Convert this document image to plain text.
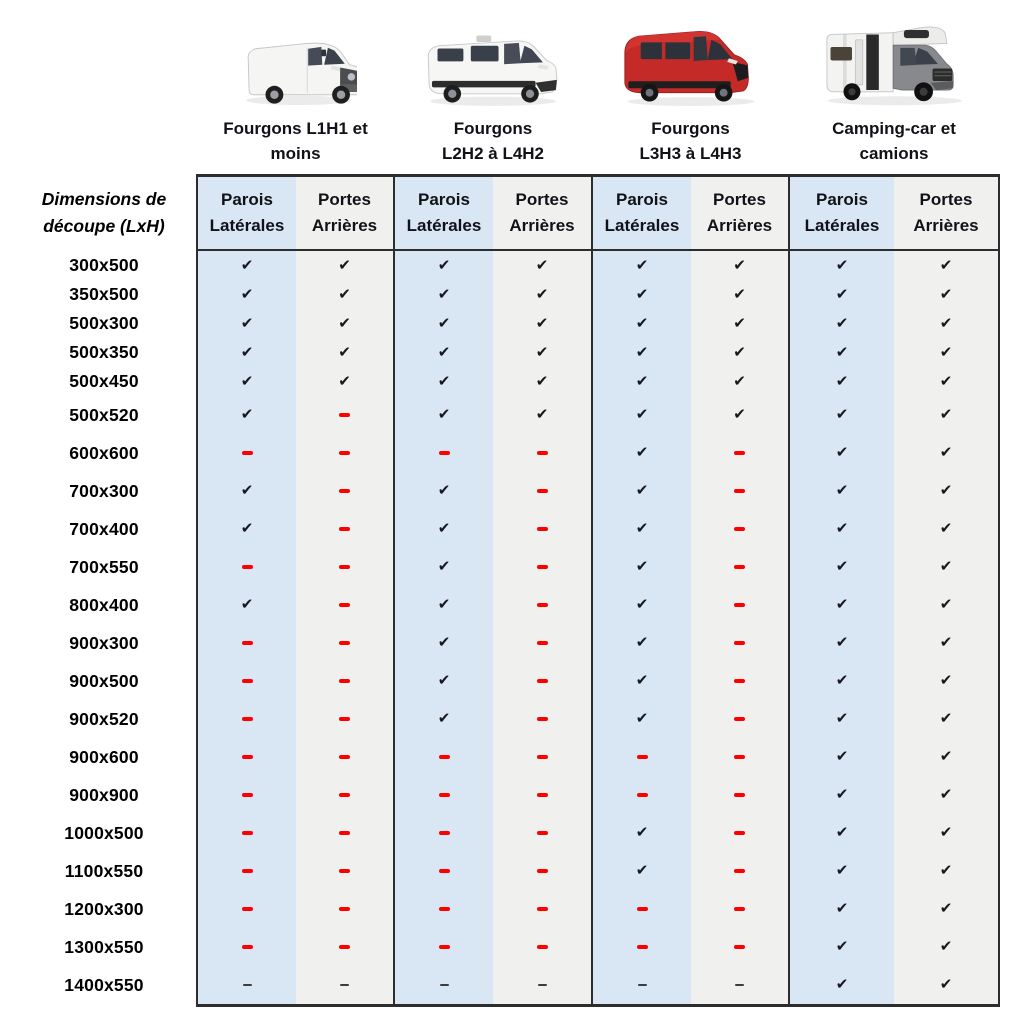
Fourgons L1H1 et
moins

Fourgons
L2H2 à L4H2

Fourgons
L3H3 à L4H3

Camping-car et
camions

Dimensions de
découpe (LxH)

Parois
Latérales

Portes
Arrières

Parois
Latérales

Portes
Arrières

Parois
Latérales

Portes
Arrières

Parois
Latérales

Portes
Arrières

300x500	✔	✔	✔	✔	✔	✔	✔	✔
350x500	✔	✔	✔	✔	✔	✔	✔	✔
500x300	✔	✔	✔	✔	✔	✔	✔	✔
500x350	✔	✔	✔	✔	✔	✔	✔	✔
500x450	✔	✔	✔	✔	✔	✔	✔	✔
500x520	✔		✔	✔	✔	✔	✔	✔
600x600					✔		✔	✔
700x300	✔		✔		✔		✔	✔
700x400	✔		✔		✔		✔	✔
700x550			✔		✔		✔	✔
800x400	✔		✔		✔		✔	✔
900x300			✔		✔		✔	✔
900x500			✔		✔		✔	✔
900x520			✔		✔		✔	✔
900x600							✔	✔
900x900							✔	✔
1000x500					✔		✔	✔
1100x550					✔		✔	✔
1200x300							✔	✔
1300x550							✔	✔
1400x550							✔	✔
